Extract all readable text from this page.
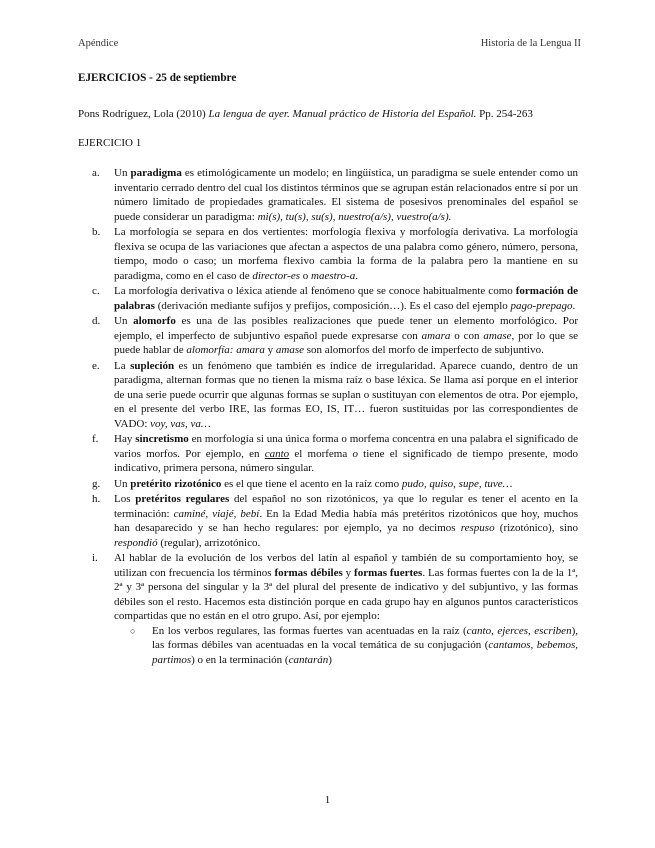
Apéndice	Historia de la Lengua II
EJERCICIOS - 25 de septiembre
Pons Rodríguez, Lola (2010) La lengua de ayer. Manual práctico de Historia del Español. Pp. 254-263
EJERCICIO 1
a. Un paradigma es etimológicamente un modelo; en lingüística, un paradigma se suele entender como un inventario cerrado dentro del cual los distintos términos que se agrupan están relacionados entre sí por un número limitado de propiedades gramaticales. El sistema de posesivos prenominales del español se puede considerar un paradigma: mi(s), tu(s), su(s), nuestro(a/s), vuestro(a/s).
b. La morfología se separa en dos vertientes: morfología flexiva y morfología derivativa. La morfología flexiva se ocupa de las variaciones que afectan a aspectos de una palabra como género, número, persona, tiempo, modo o caso; un morfema flexivo cambia la forma de la palabra pero la mantiene en su paradigma, como en el caso de director-es o maestro-a.
c. La morfología derivativa o léxica atiende al fenómeno que se conoce habitualmente como formación de palabras (derivación mediante sufijos y prefijos, composición…). Es el caso del ejemplo pago-prepago.
d. Un alomorfo es una de las posibles realizaciones que puede tener un elemento morfológico. Por ejemplo, el imperfecto de subjuntivo español puede expresarse con amara o con amase, por lo que se puede hablar de alomorfía: amara y amase son alomorfos del morfo de imperfecto de subjuntivo.
e. La supleción es un fenómeno que también es índice de irregularidad. Aparece cuando, dentro de un paradigma, alternan formas que no tienen la misma raíz o base léxica. Se llama así porque en el interior de una serie puede ocurrir que algunas formas se suplan o sustituyan con elementos de otra. Por ejemplo, en el presente del verbo IRE, las formas EO, IS, IT… fueron sustituidas por las correspondientes de VADO: voy, vas, va…
f. Hay sincretismo en morfología si una única forma o morfema concentra en una palabra el significado de varios morfos. Por ejemplo, en canto el morfema o tiene el significado de tiempo presente, modo indicativo, primera persona, número singular.
g. Un pretérito rizotónico es el que tiene el acento en la raíz como pudo, quiso, supe, tuve…
h. Los pretéritos regulares del español no son rizotónicos, ya que lo regular es tener el acento en la terminación: caminé, viajé, bebí. En la Edad Media había más pretéritos rizotónicos que hoy, muchos han desaparecido y se han hecho regulares: por ejemplo, ya no decimos respuso (rizotónico), sino respondió (regular), arrizotónico.
i. Al hablar de la evolución de los verbos del latín al español y también de su comportamiento hoy, se utilizan con frecuencia los términos formas débiles y formas fuertes. Las formas fuertes con la de la 1ª, 2ª y 3ª persona del singular y la 3ª del plural del presente de indicativo y del subjuntivo, y las formas débiles son el resto. Hacemos esta distinción porque en cada grupo hay en algunos puntos característicos compartidas que no están en el otro grupo. Así, por ejemplo:
○ En los verbos regulares, las formas fuertes van acentuadas en la raíz (canto, ejerces, escriben), las formas débiles van acentuadas en la vocal temática de su conjugación (cantamos, bebemos, partimos) o en la terminación (cantarán)
1
